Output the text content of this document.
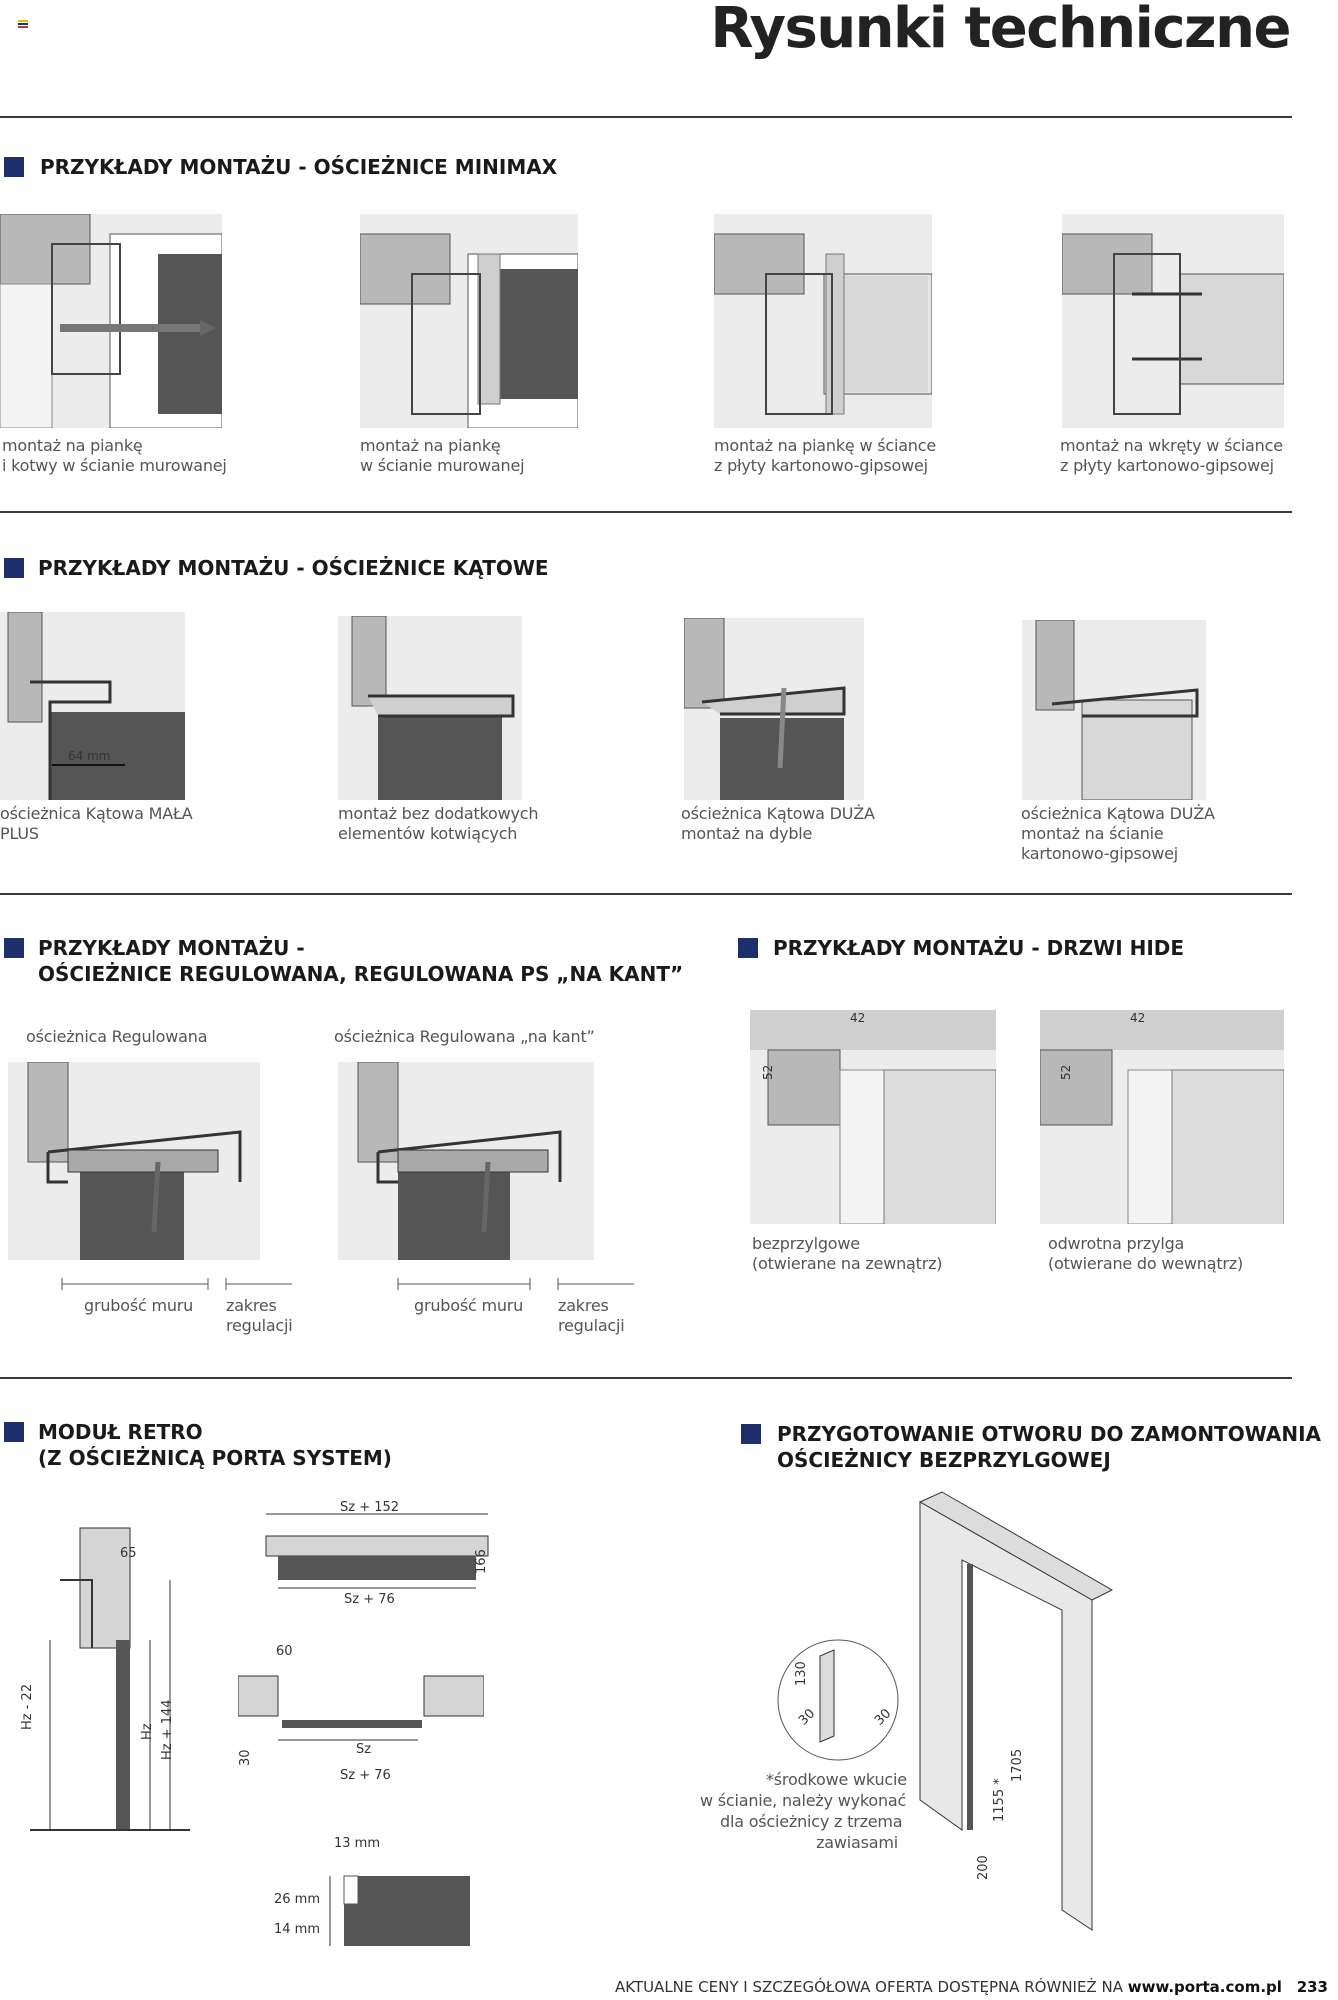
Rysunki techniczne
PRZYKŁADY MONTAŻU - OŚCIEŻNICE MINIMAX
montaż na piankę
i kotwy w ścianie murowanej
montaż na piankę
w ścianie murowanej
montaż na piankę w ściance
z płyty kartonowo-gipsowej
montaż na wkręty w ściance
z płyty kartonowo-gipsowej
PRZYKŁADY MONTAŻU - OŚCIEŻNICE KĄTOWE
64 mm
ościeżnica Kątowa MAŁA
PLUS
montaż bez dodatkowych
elementów kotwiących
ościeżnica Kątowa DUŻA
montaż na dyble
ościeżnica Kątowa DUŻA
montaż na ścianie
kartonowo-gipsowej
PRZYKŁADY MONTAŻU -
OŚCIEŻNICE REGULOWANA, REGULOWANA PS „NA KANT”
ościeżnica Regulowana	ościeżnica Regulowana „na kant”
grubość muru zakres
regulacji
grubość muru zakres
regulacji
PRZYKŁADY MONTAŻU - DRZWI HIDE
42
52
42
52
bezprzylgowe
(otwierane na zewnątrz)
odwrotna przylga
(otwierane do wewnątrz)
MODUŁ RETRO
(Z OŚCIEŻNICĄ PORTA SYSTEM)
65
Hz - 22
Hz Hz + 144
Sz + 152
166
Sz + 76
60
30	Sz
Sz + 76
13 mm
26 mm
14 mm
PRZYGOTOWANIE OTWORU DO ZAMONTOWANIA
OŚCIEŻNICY BEZPRZYLGOWEJ
130
30	30
1705
1155 *
200
*środkowe wkucie
w ścianie, należy wykonać
dla ościeżnicy z trzema
zawiasami
AKTUALNE CENY I SZCZEGÓŁOWA OFERTA DOSTĘPNA RÓWNIEŻ NA www.porta.com.pl 233
